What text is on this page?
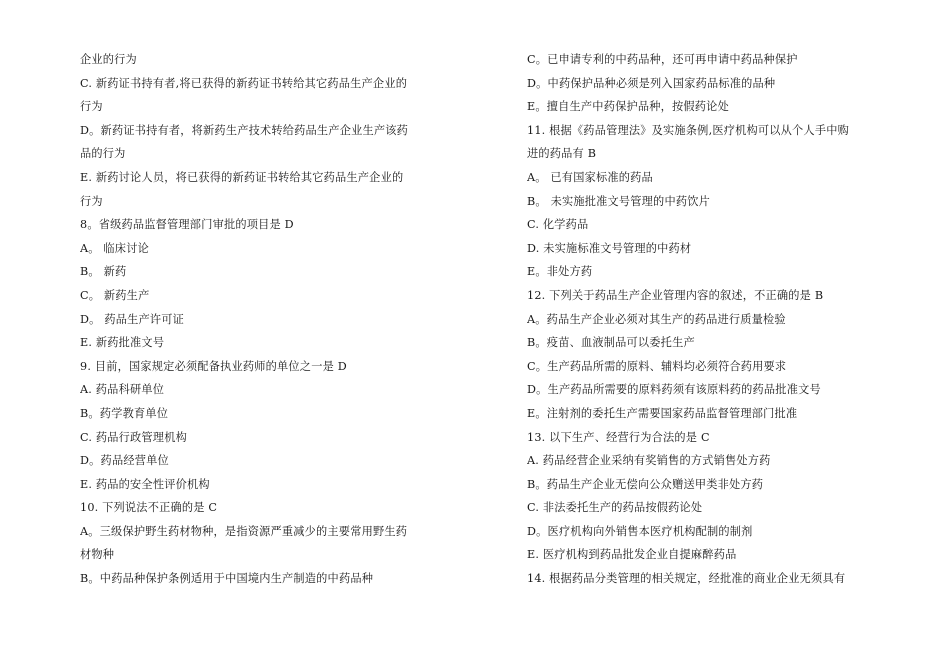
企业的行为
C. 新药证书持有者,将已获得的新药证书转给其它药品生产企业的
行为
D。新药证书持有者，将新药生产技术转给药品生产企业生产该药
品的行为
E. 新药讨论人员，将已获得的新药证书转给其它药品生产企业的
行为
8。省级药品监督管理部门审批的项目是 D
A。 临床讨论
B。 新药
C。 新药生产
D。 药品生产许可证
E. 新药批准文号
9. 目前，国家规定必须配备执业药师的单位之一是 D
A. 药品科研单位
B。药学教育单位
C. 药品行政管理机构
D。药品经营单位
E. 药品的安全性评价机构
10. 下列说法不正确的是 C
A。三级保护野生药材物种，是指资源严重减少的主要常用野生药
材物种
B。中药品种保护条例适用于中国境内生产制造的中药品种
C。已申请专利的中药品种，还可再申请中药品种保护
D。中药保护品种必须是列入国家药品标准的品种
E。擅自生产中药保护品种，按假药论处
11. 根据《药品管理法》及实施条例,医疗机构可以从个人手中购
进的药品有 B
A。 已有国家标准的药品
B。 未实施批准文号管理的中药饮片
C. 化学药品
D. 未实施标准文号管理的中药材
E。非处方药
12. 下列关于药品生产企业管理内容的叙述，不正确的是 B
A。药品生产企业必须对其生产的药品进行质量检验
B。疫苗、血液制品可以委托生产
C。生产药品所需的原料、辅料均必须符合药用要求
D。生产药品所需要的原料药须有该原料药的药品批准文号
E。注射剂的委托生产需要国家药品监督管理部门批准
13. 以下生产、经营行为合法的是 C
A. 药品经营企业采纳有奖销售的方式销售处方药
B。药品生产企业无偿向公众赠送甲类非处方药
C. 非法委托生产的药品按假药论处
D。医疗机构向外销售本医疗机构配制的制剂
E. 医疗机构到药品批发企业自提麻醉药品
14. 根据药品分类管理的相关规定，经批准的商业企业无须具有
